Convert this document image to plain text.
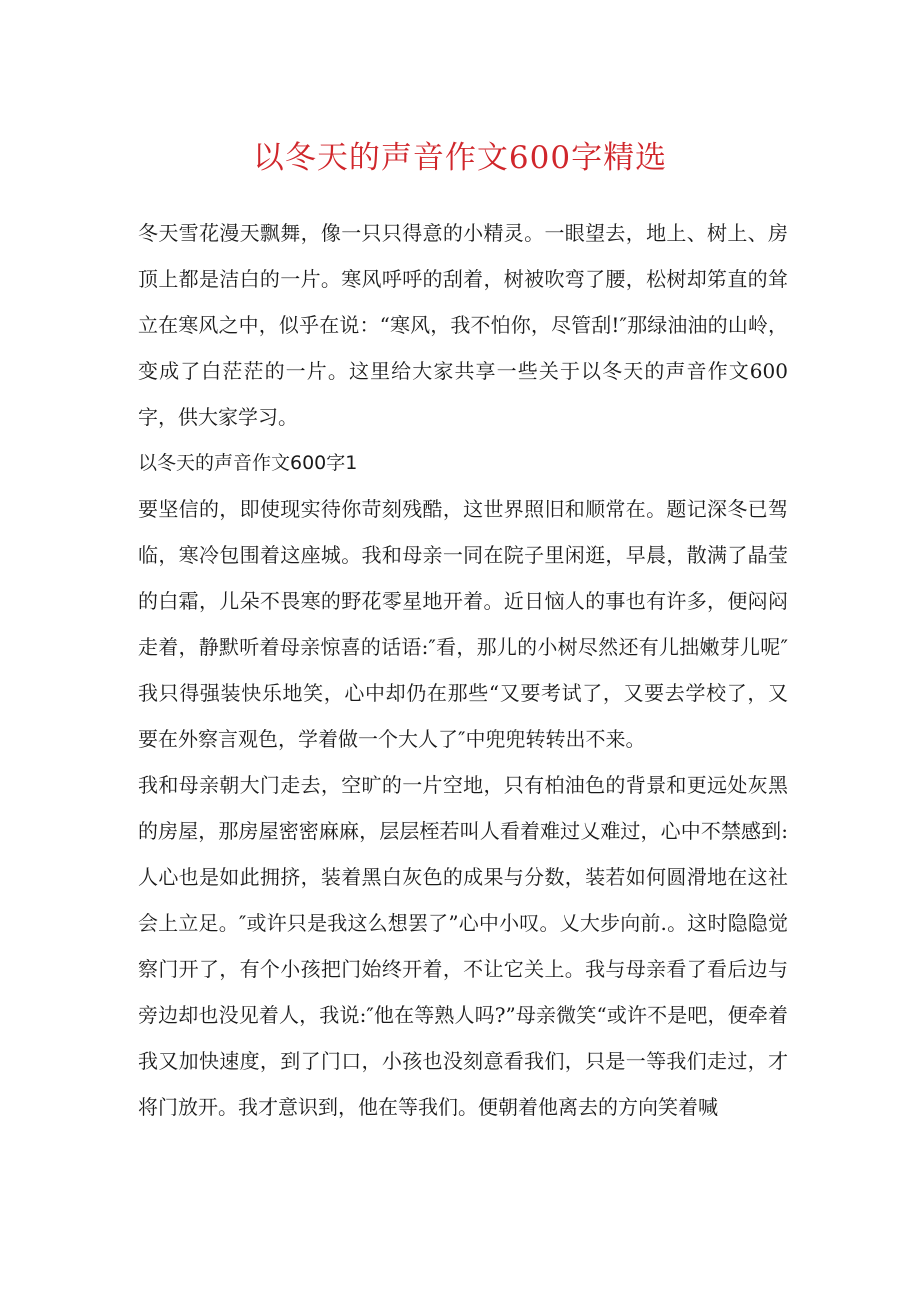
以冬天的声音作文600字精选

冬天雪花漫天飘舞，像一只只得意的小精灵。一眼望去，地上、树上、房顶上都是洁白的一片。寒风呼呼的刮着，树被吹弯了腰，松树却笫直的耸立在寒风之中，似乎在说：“寒风，我不怕你，尽管刮!″那绿油油的山岭，变成了白茫茫的一片。这里给大家共享一些关于以冬天的声音作文600字，供大家学习。

以冬天的声音作文600字1

要坚信的，即使现实待你苛刻残酷，这世界照旧和顺常在。题记深冬已驾临，寒冷包围着这座城。我和母亲一同在院子里闲逛，早晨，散满了晶莹的白霜，儿朵不畏寒的野花零星地开着。近日恼人的事也有许多，便闷闷走着，静默听着母亲惊喜的话语:″看，那儿的小树尽然还有儿拙嫩芽儿呢″我只得强装快乐地笑，心中却仍在那些“又要考试了，又要去学校了，又要在外察言观色，学着做一个大人了″中兜兜转转出不来。

我和母亲朝大门走去，空旷的一片空地，只有柏油色的背景和更远处灰黑的房屋，那房屋密密麻麻，层层桎若叫人看着难过乂难过，心中不禁感到:人心也是如此拥挤，装着黑白灰色的成果与分数，装若如何圆滑地在这社会上立足。″或许只是我这么想罢了”心中小叹。乂大步向前.。这时隐隐觉察门开了，有个小孩把门始终开着，不让它关上。我与母亲看了看后边与旁边却也没见着人，我说:″他在等熟人吗?”母亲微笑“或许不是吧，便牵着我又加快速度，到了门口，小孩也没刻意看我们，只是一等我们走过，才将门放开。我才意识到，他在等我们。便朝着他离去的方向笑着喊
